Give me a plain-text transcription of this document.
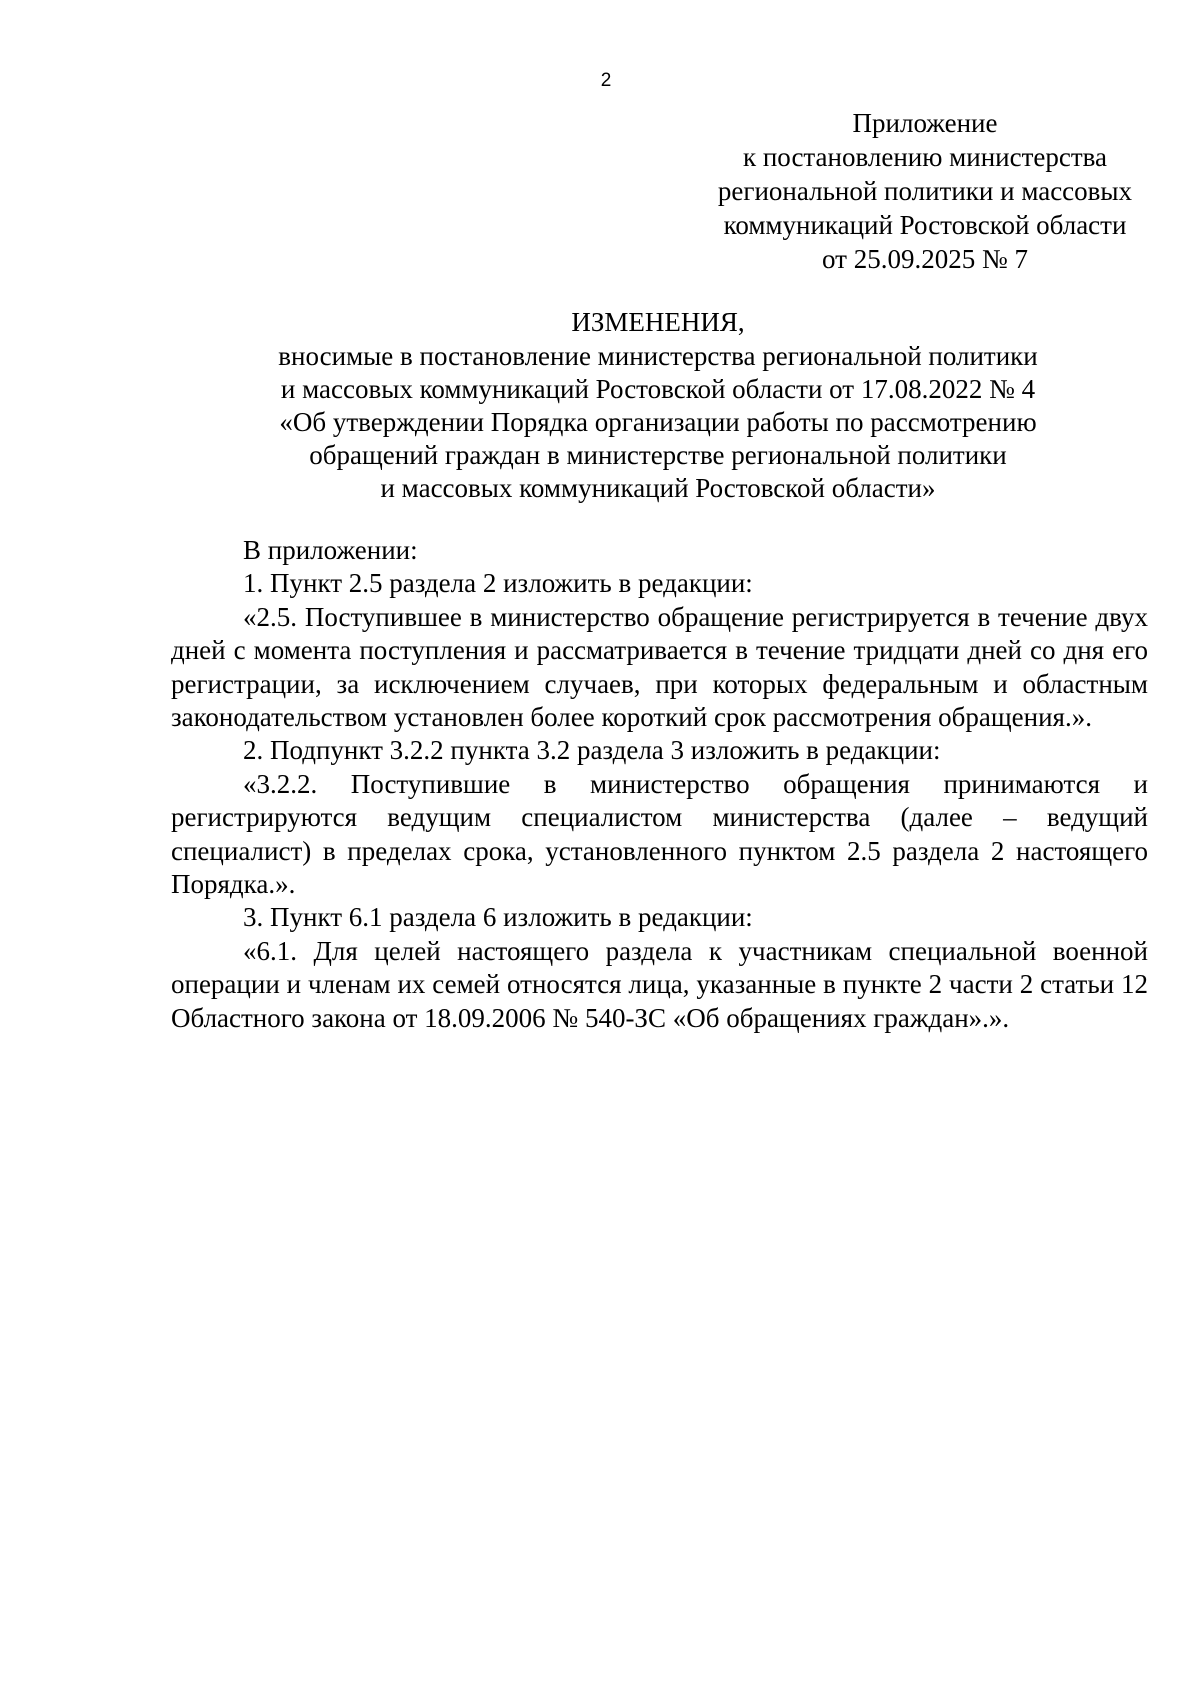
2
Приложение
к постановлению министерства
региональной политики и массовых
коммуникаций Ростовской области
от 25.09.2025 № 7
ИЗМЕНЕНИЯ,
вносимые в постановление министерства региональной политики
и массовых коммуникаций Ростовской области от 17.08.2022 № 4
«Об утверждении Порядка организации работы по рассмотрению
обращений граждан в министерстве региональной политики
и массовых коммуникаций Ростовской области»

В приложении:

1. Пункт 2.5 раздела 2 изложить в редакции:

«2.5. Поступившее в министерство обращение регистрируется в течение двух дней с момента поступления и рассматривается в течение тридцати дней со дня его регистрации, за исключением случаев, при которых федеральным и областным законодательством установлен более короткий срок рассмотрения обращения.».

2. Подпункт 3.2.2 пункта 3.2 раздела 3 изложить в редакции:

«3.2.2. Поступившие в министерство обращения принимаются и регистрируются ведущим специалистом министерства (далее – ведущий специалист) в пределах срока, установленного пунктом 2.5 раздела 2 настоящего Порядка.».

3. Пункт 6.1 раздела 6 изложить в редакции:

«6.1. Для целей настоящего раздела к участникам специальной военной операции и членам их семей относятся лица, указанные в пункте 2 части 2 статьи 12 Областного закона от 18.09.2006 № 540-ЗС «Об обращениях граждан».».
